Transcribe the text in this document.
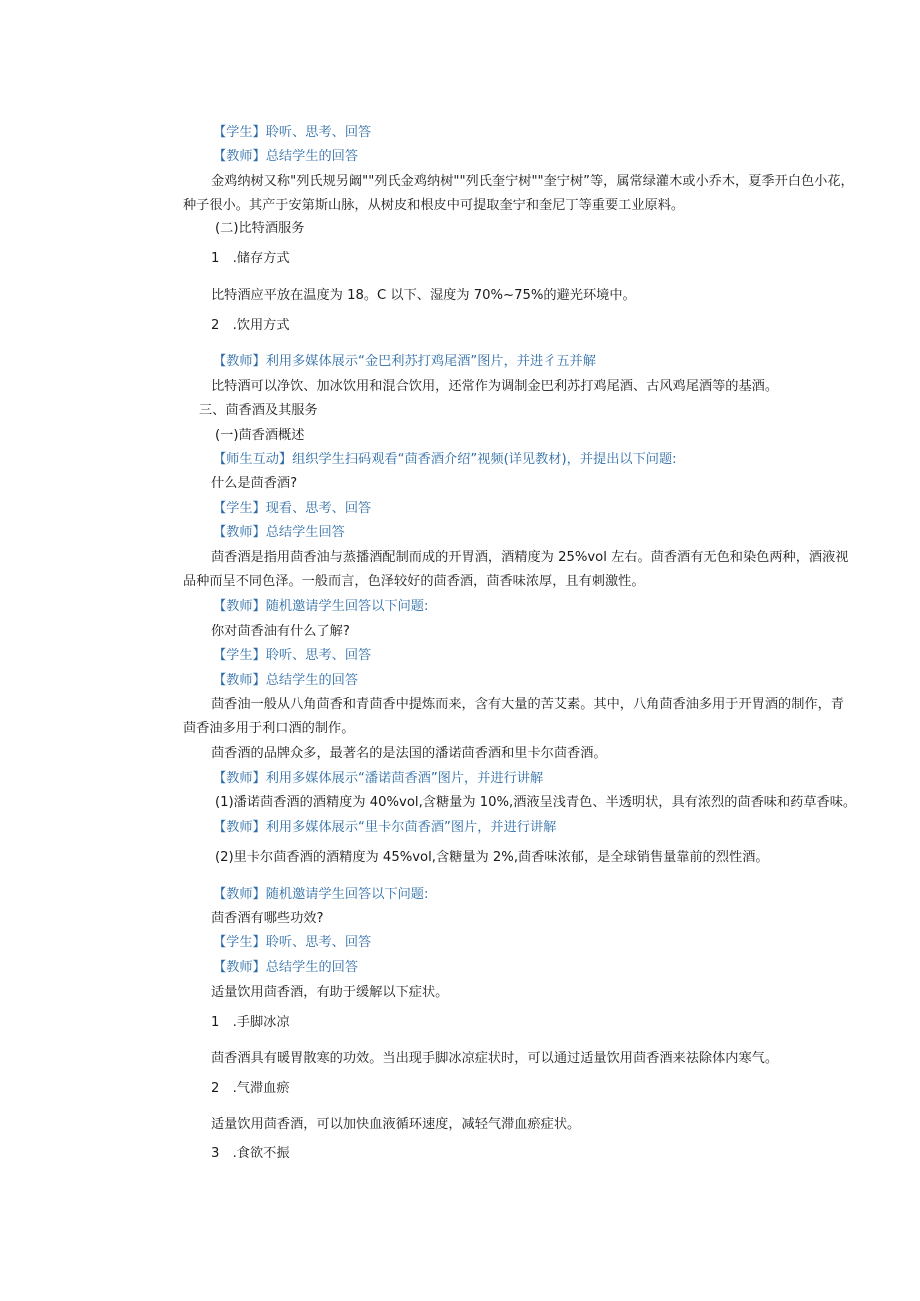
【学生】聆听、思考、回答
【教师】总结学生的回答
金鸡纳树又称"列氏规另阚""列氏金鸡纳树""列氏奎宁树""奎宁树”等，属常绿灌木或小乔木，夏季开白色小花，
种子很小。其产于安第斯山脉，从树皮和根皮中可提取奎宁和奎尼丁等重要工业原料。
(二)比特酒服务
1　.储存方式
比特酒应平放在温度为 18。C 以下、湿度为 70%~75%的避光环境中。
2　.饮用方式
【教师】利用多媒体展示“金巴利苏打鸡尾酒”图片，并进彳五并解
比特酒可以净饮、加冰饮用和混合饮用，还常作为调制金巴利苏打鸡尾酒、古风鸡尾酒等的基酒。
三、茴香酒及其服务
(一)茴香酒概述
【师生互动】组织学生扫码观看“茴香酒介绍”视频(详见教材)，并提出以下问题:
什么是茴香酒?
【学生】现看、思考、回答
【教师】总结学生回答
茴香酒是指用茴香油与蒸播酒配制而成的开胃酒，酒精度为 25%vol 左右。茴香酒有无色和染色两种，酒液视
品种而呈不同色泽。一般而言，色泽较好的茴香酒，茴香味浓厚，且有刺激性。
【教师】随机邀请学生回答以下问题:
你对茴香油有什么了解?
【学生】聆听、思考、回答
【教师】总结学生的回答
茴香油一般从八角茴香和青茴香中提炼而来，含有大量的苦艾素。其中，八角茴香油多用于开胃酒的制作，青
茴香油多用于利口酒的制作。
茴香酒的品牌众多，最著名的是法国的潘诺茴香酒和里卡尔茴香酒。
【教师】利用多媒体展示“潘诺茴香酒”图片，并进行讲解
(1)潘诺茴香酒的酒精度为 40%vol,含糖量为 10%,酒液呈浅青色、半透明状，具有浓烈的茴香味和药草香味。
【教师】利用多媒体展示“里卡尔茴香酒”图片，并进行讲解
(2)里卡尔茴香酒的酒精度为 45%vol,含糖量为 2%,茴香味浓郁，是全球销售量靠前的烈性酒。
【教师】随机邀请学生回答以下问题:
茴香酒有哪些功效?
【学生】聆听、思考、回答
【教师】总结学生的回答
适量饮用茴香酒，有助于缓解以下症状。
1　.手脚冰凉
茴香酒具有暖胃散寒的功效。当出现手脚冰凉症状时，可以通过适量饮用茴香酒来祛除体内寒气。
2　.气滞血瘀
适量饮用茴香酒，可以加快血液循环速度，减轻气滞血瘀症状。
3　.食欲不振
